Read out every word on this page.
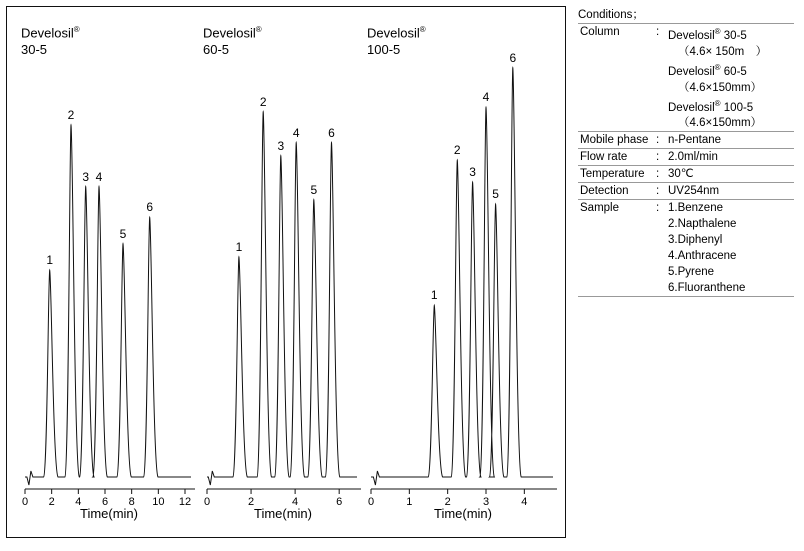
Develosil®
30-5
0 2 4 6 8 10 12
1
2
3 4
5
6
Time(min)
Develosil®
60-5
0	2	4	6
1
2
3
4
5
6
Time(min)
Develosil®
100-5
0	1	2	3	4
1
2
3
4
5
6
Time(min)
Conditions；
Column	:	Develosil® 30-5
		（4.6× 150m　）
		Develosil® 60-5
		（4.6×150mm）
		Develosil® 100-5
		（4.6×150mm）
Mobile phase	:	n-Pentane
Flow rate	:	2.0ml/min
Temperature	:	30℃
Detection	:	UV254nm
Sample	:	1.Benzene
		2.Napthalene
		3.Diphenyl
		4.Anthracene
		5.Pyrene
		6.Fluoranthene
